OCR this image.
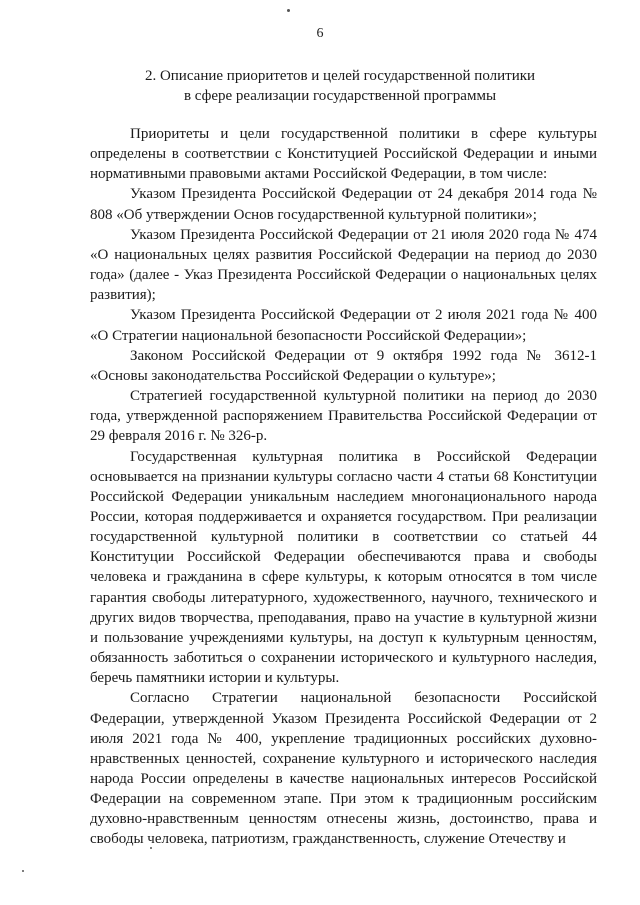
6
2. Описание приоритетов и целей государственной политики
в сфере реализации государственной программы

Приоритеты и цели государственной политики в сфере культуры определены в соответствии с Конституцией Российской Федерации и иными нормативными правовыми актами Российской Федерации, в том числе:

Указом Президента Российской Федерации от 24 декабря 2014 года № 808 «Об утверждении Основ государственной культурной политики»;

Указом Президента Российской Федерации от 21 июля 2020 года № 474 «О национальных целях развития Российской Федерации на период до 2030 года» (далее - Указ Президента Российской Федерации о национальных целях развития);

Указом Президента Российской Федерации от 2 июля 2021 года № 400 «О Стратегии национальной безопасности Российской Федерации»;

Законом Российской Федерации от 9 октября 1992 года № 3612-1 «Основы законодательства Российской Федерации о культуре»;

Стратегией государственной культурной политики на период до 2030 года, утвержденной распоряжением Правительства Российской Федерации от 29 февраля 2016 г. № 326-р.

Государственная культурная политика в Российской Федерации основывается на признании культуры согласно части 4 статьи 68 Конституции Российской Федерации уникальным наследием многонационального народа России, которая поддерживается и охраняется государством. При реализации государственной культурной политики в соответствии со статьей 44 Конституции Российской Федерации обеспечиваются права и свободы человека и гражданина в сфере культуры, к которым относятся в том числе гарантия свободы литературного, художественного, научного, технического и других видов творчества, преподавания, право на участие в культурной жизни и пользование учреждениями культуры, на доступ к культурным ценностям, обязанность заботиться о сохранении исторического и культурного наследия, беречь памятники истории и культуры.

Согласно Стратегии национальной безопасности Российской Федерации, утвержденной Указом Президента Российской Федерации от 2 июля 2021 года № 400, укрепление традиционных российских духовно-нравственных ценностей, сохранение культурного и исторического наследия народа России определены в качестве национальных интересов Российской Федерации на современном этапе. При этом к традиционным российским духовно-нравственным ценностям отнесены жизнь, достоинство, права и свободы человека, патриотизм, гражданственность, служение Отечеству и
